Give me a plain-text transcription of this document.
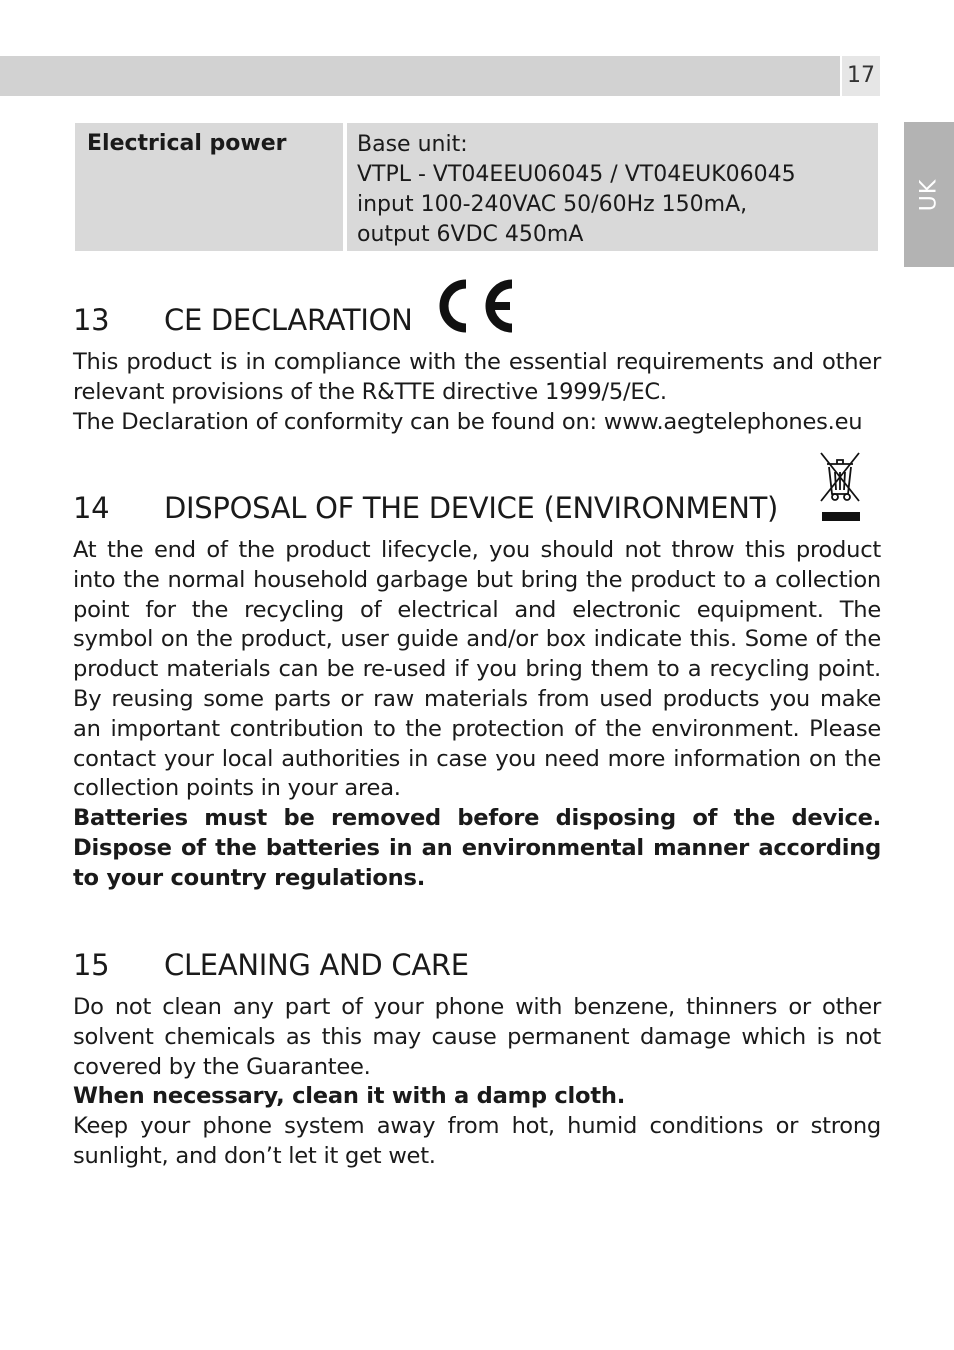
17
UK
Electrical power	Base unit:
VTPL - VT04EEU06045 / VT04EUK06045
input 100-240VAC 50/60Hz 150mA,
output 6VDC 450mA
13 CE DECLARATION

This product is in compliance with the essential requirements and other relevant provisions of the R&TTE directive 1999/5/EC.

The Declaration of conformity can be found on: www.aegtelephones.eu

14 DISPOSAL OF THE DEVICE (ENVIRONMENT)

At the end of the product lifecycle, you should not throw this product into the normal household garbage but bring the product to a collection point for the recycling of electrical and electronic equipment. The symbol on the product, user guide and/or box indicate this. Some of the product materials can be re-used if you bring them to a recycling point. By reusing some parts or raw materials from used products you make an important contribution to the protection of the environment. Please contact your local authorities in case you need more information on the collection points in your area.

Batteries must be removed before disposing of the device. Dispose of the batteries in an environmental manner according to your country regulations.

15 CLEANING AND CARE

Do not clean any part of your phone with benzene, thinners or other solvent chemicals as this may cause permanent damage which is not covered by the Guarantee.

When necessary, clean it with a damp cloth.

Keep your phone system away from hot, humid conditions or strong sunlight, and don’t let it get wet.
